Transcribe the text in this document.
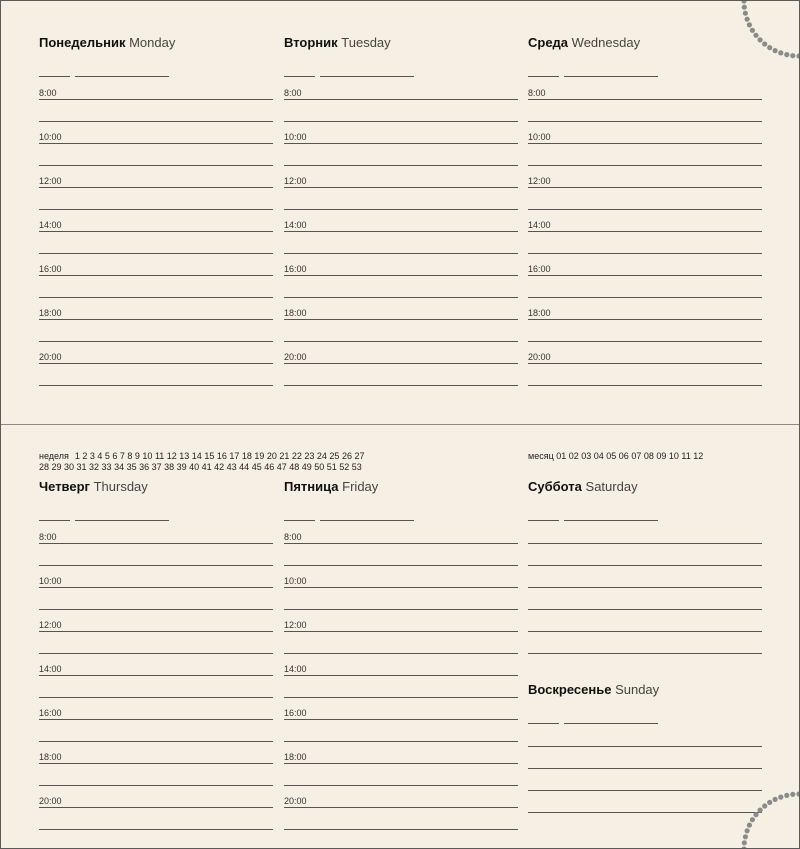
Понедельник Monday
8:00
10:00
12:00
14:00
16:00
18:00
20:00
Вторник Tuesday
8:00
10:00
12:00
14:00
16:00
18:00
20:00
Среда Wednesday
8:00
10:00
12:00
14:00
16:00
18:00
20:00
неделя 1 2 3 4 5 6 7 8 9 10 11 12 13 14 15 16 17 18 19 20 21 22 23 24 25 26 27
28 29 30 31 32 33 34 35 36 37 38 39 40 41 42 43 44 45 46 47 48 49 50 51 52 53
месяц 01 02 03 04 05 06 07 08 09 10 11 12
Четверг Thursday
8:00
10:00
12:00
14:00
16:00
18:00
20:00
Пятница Friday
8:00
10:00
12:00
14:00
16:00
18:00
20:00
Суббота Saturday
Воскресенье Sunday
